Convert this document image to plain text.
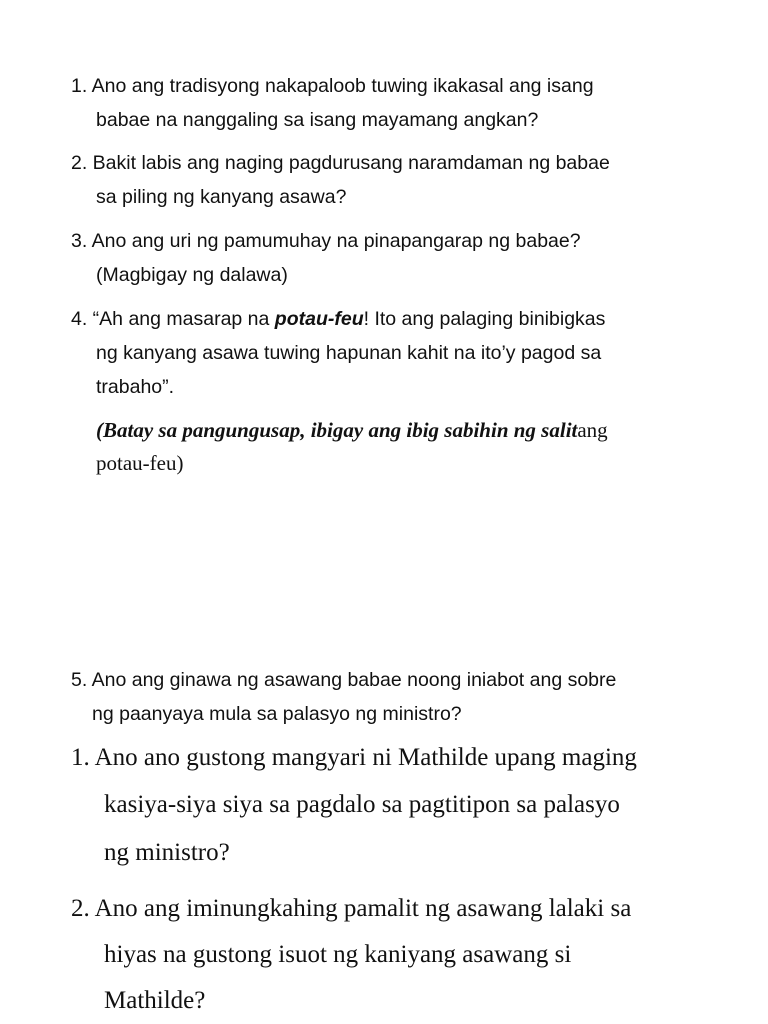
1. Ano ang tradisyong nakapaloob tuwing ikakasal ang isang
babae na nanggaling sa isang mayamang angkan?
2. Bakit labis ang naging pagdurusang naramdaman ng babae
sa piling ng kanyang asawa?
3. Ano ang uri ng pamumuhay na pinapangarap ng babae?
(Magbigay ng dalawa)
4. “Ah ang masarap na potau-feu! Ito ang palaging binibigkas
ng kanyang asawa tuwing hapunan kahit na ito’y pagod sa
trabaho”.
(Batay sa pangungusap, ibigay ang ibig sabihin ng salitang
potau-feu)
5. Ano ang ginawa ng asawang babae noong iniabot ang sobre
ng paanyaya mula sa palasyo ng ministro?
1. Ano ano gustong mangyari ni Mathilde upang maging
kasiya-siya siya sa pagdalo sa pagtitipon sa palasyo
ng ministro?
2. Ano ang iminungkahing pamalit ng asawang lalaki sa
hiyas na gustong isuot ng kaniyang asawang si
Mathilde?
